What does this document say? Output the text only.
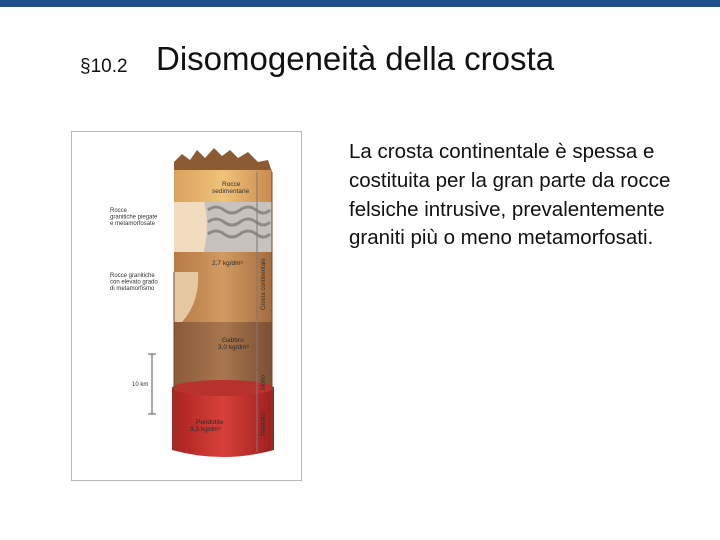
§10.2 Disomogeneità della crosta
Rocce sedimentarie
Rocce granitiche piegate e metamorfosate
Rocce granitiche con elevato grado di metamorfismo
2,7 kg/dm³
Gabbro 3,0 kg/dm³
Peridotite 3,3 kg/dm³
10 km
Crosta continentale
Moho
Mantello
La crosta continentale è spessa e costituita per la gran parte da rocce felsiche intrusive, prevalentemente graniti più o meno metamorfosati.
3
